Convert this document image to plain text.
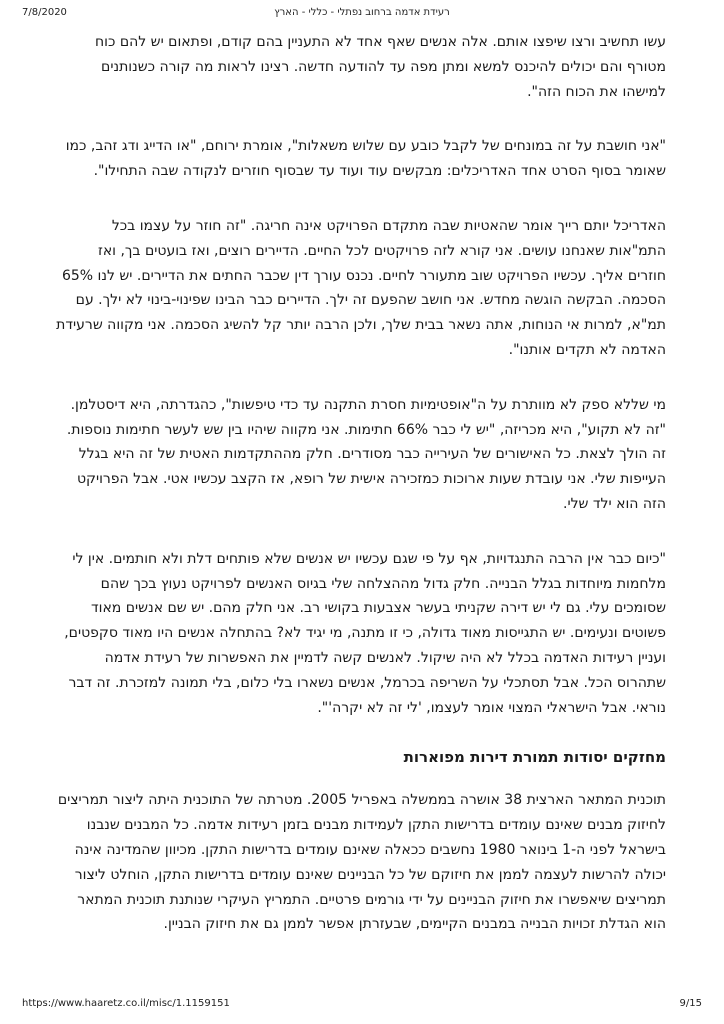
7/8/2020	רעידת אדמה ברחוב נפתלי - כללי - הארץ

עשו תחשיב ורצו שיפצו אותם. אלה אנשים שאף אחד לא התעניין בהם קודם, ופתאום יש להם כוח מטורף והם יכולים להיכנס למשא ומתן מפה עד להודעה חדשה. רצינו לראות מה קורה כשנותנים למישהו את הכוח הזה".

"אני חושבת על זה במונחים של לקבל כובע עם שלוש משאלות", אומרת ירוחם, "או הדייג ודג זהב, כמו שאומר בסוף הסרט אחד האדריכלים: מבקשים עוד ועוד עד שבסוף חוזרים לנקודה שבה התחילו".

האדריכל יותם רייך אומר שהאטיות שבה מתקדם הפרויקט אינה חריגה. "זה חוזר על עצמו בכל התמ"אות שאנחנו עושים. אני קורא לזה פרויקטים לכל החיים. הדיירים רוצים, ואז בועטים בך, ואז חוזרים אליך. עכשיו הפרויקט שוב מתעורר לחיים. נכנס עורך דין שכבר החתים את הדיירים. יש לנו 65% הסכמה. הבקשה הוגשה מחדש. אני חושב שהפעם זה ילך. הדיירים כבר הבינו שפינוי-בינוי לא ילך. עם תמ"א, למרות אי הנוחות, אתה נשאר בבית שלך, ולכן הרבה יותר קל להשיג הסכמה. אני מקווה שרעידת האדמה לא תקדים אותנו".

מי שללא ספק לא מוותרת על ה"אופטימיות חסרת התקנה עד כדי טיפשות", כהגדרתה, היא דיסטלמן. "זה לא תקוע", היא מכריזה, "יש לי כבר 66% חתימות. אני מקווה שיהיו בין שש לעשר חתימות נוספות. זה הולך לצאת. כל האישורים של העירייה כבר מסודרים. חלק מההתקדמות האטית של זה היא בגלל העייפות שלי. אני עובדת שעות ארוכות כמזכירה אישית של רופא, אז הקצב עכשיו אטי. אבל הפרויקט הזה הוא ילד שלי.

"כיום כבר אין הרבה התנגדויות, אף על פי שגם עכשיו יש אנשים שלא פותחים דלת ולא חותמים. אין לי מלחמות מיוחדות בגלל הבנייה. חלק גדול מההצלחה שלי בגיוס האנשים לפרויקט נעוץ בכך שהם שסומכים עלי. גם לי יש דירה שקניתי בעשר אצבעות בקושי רב. אני חלק מהם. יש שם אנשים מאוד פשוטים ונעימים. יש התגייסות מאוד גדולה, כי זו מתנה, מי יגיד לא? בהתחלה אנשים היו מאוד סקפטים, ועניין רעידות האדמה בכלל לא היה שיקול. לאנשים קשה לדמיין את האפשרות של רעידת אדמה שתהרוס הכל. אבל תסתכלי על השריפה בכרמל, אנשים נשארו בלי כלום, בלי תמונה למזכרת. זה דבר נוראי. אבל הישראלי המצוי אומר לעצמו, 'לי זה לא יקרה'".

מחזקים יסודות תמורת דירות מפוארות

תוכנית המתאר הארצית 38 אושרה בממשלה באפריל 2005. מטרתה של התוכנית היתה ליצור תמריצים לחיזוק מבנים שאינם עומדים בדרישות התקן לעמידות מבנים בזמן רעידות אדמה. כל המבנים שנבנו בישראל לפני ה-1 בינואר 1980 נחשבים ככאלה שאינם עומדים בדרישות התקן. מכיוון שהמדינה אינה יכולה להרשות לעצמה לממן את חיזוקם של כל הבניינים שאינם עומדים בדרישות התקן, הוחלט ליצור תמריצים שיאפשרו את חיזוק הבניינים על ידי גורמים פרטיים. התמריץ העיקרי שנותנת תוכנית המתאר הוא הגדלת זכויות הבנייה במבנים הקיימים, שבעזרתן אפשר לממן גם את חיזוק הבניין.

https://www.haaretz.co.il/misc/1.1159151	9/15
